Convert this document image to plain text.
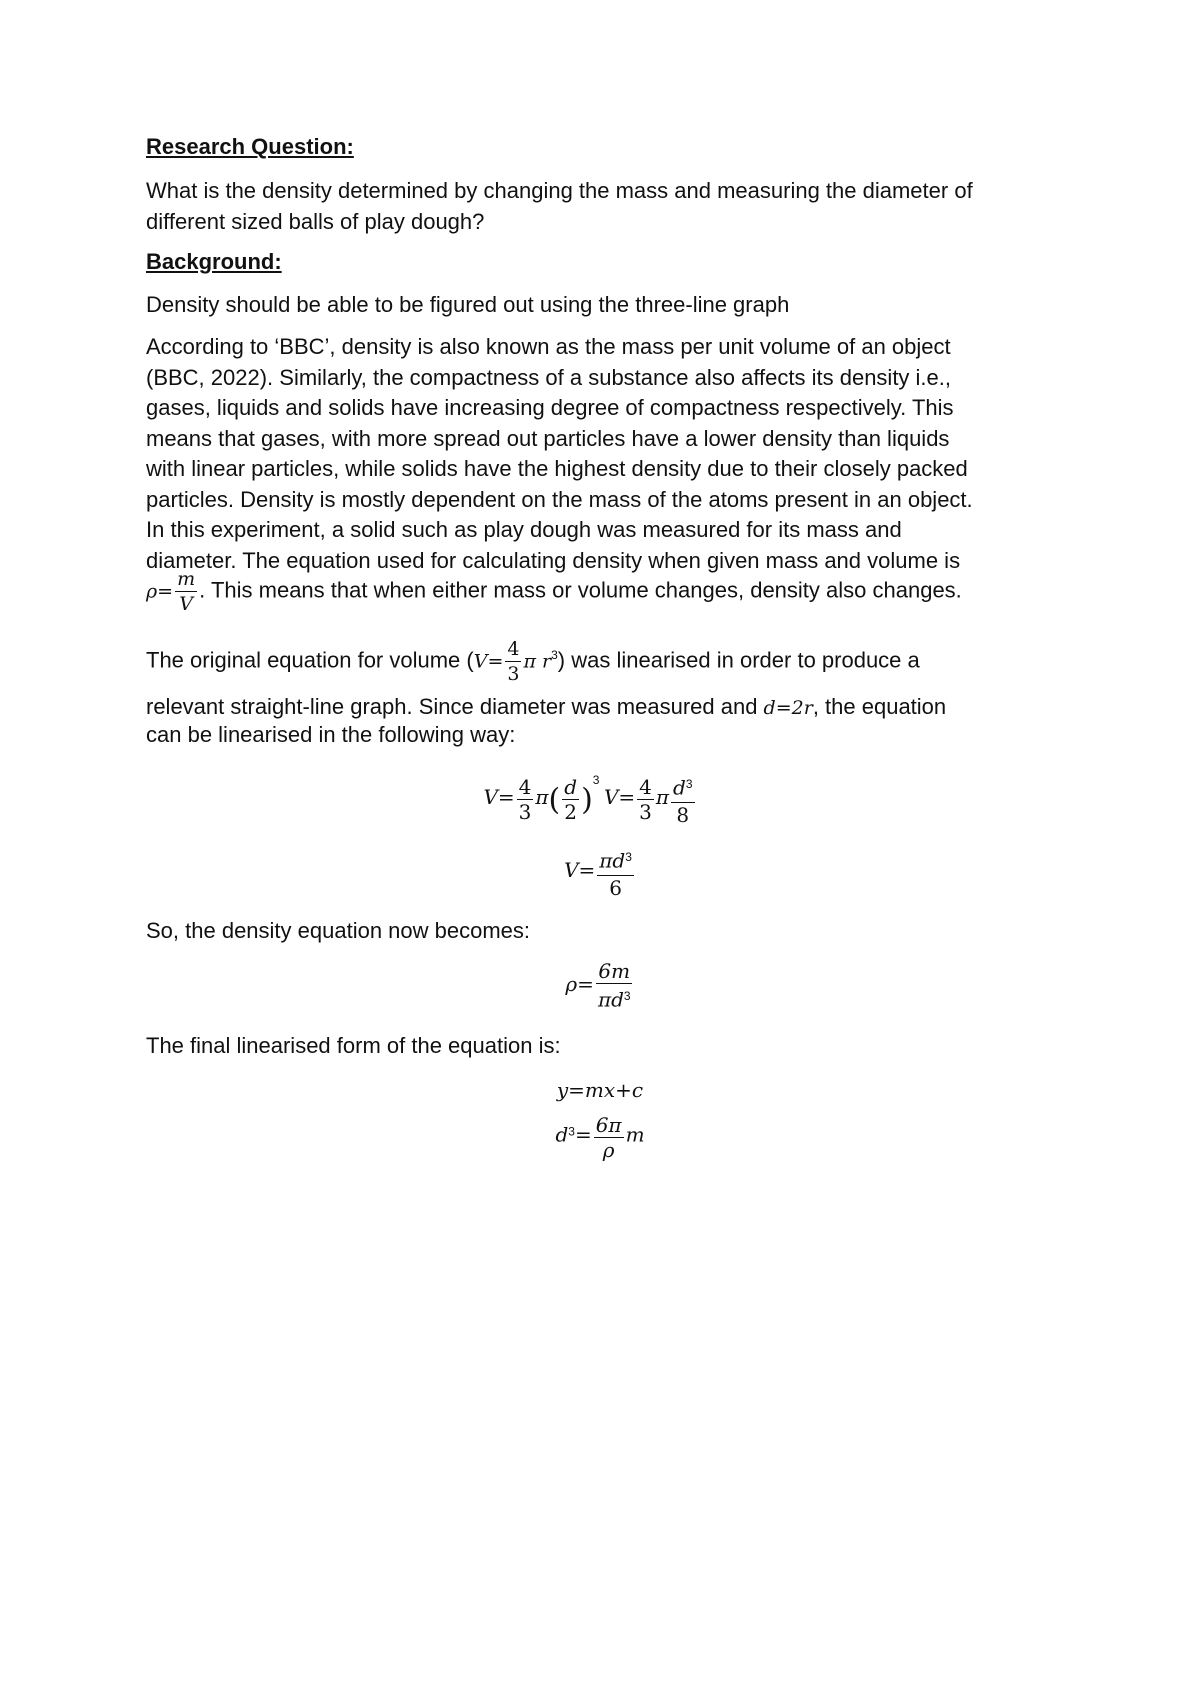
Research Question:

What is the density determined by changing the mass and measuring the diameter of
different sized balls of play dough?

Background:

Density should be able to be figured out using the three-line graph

According to ‘BBC’, density is also known as the mass per unit volume of an object
(BBC, 2022). Similarly, the compactness of a substance also affects its density i.e.,
gases, liquids and solids have increasing degree of compactness respectively. This
means that gases, with more spread out particles have a lower density than liquids
with linear particles, while solids have the highest density due to their closely packed
particles. Density is mostly dependent on the mass of the atoms present in an object.

In this experiment, a solid such as play dough was measured for its mass and
diameter. The equation used for calculating density when given mass and volume is

$\rho= \frac{m}{V}$ . This means that when either mass or volume changes, density also changes.
The original equation for volume ($V= \frac{4}{3}$ π $r^3$) was linearised in order to produce a
relevant straight-line graph. Since diameter was measured and d=2r, the equation
can be linearised in the following way:
$V= \frac{4}{3} \pi( \frac{d}{2} )^3$ $V= \frac{4}{3}$ π $\frac{d^3}{8}$
$V= \frac{\pi d^3}{6}$
So, the density equation now becomes:
$\rho= \frac{6m}{\pi d^3}$
The final linearised form of the equation is:
y=mx+c
$d^3= \frac{6\pi}{\rho}$ m
